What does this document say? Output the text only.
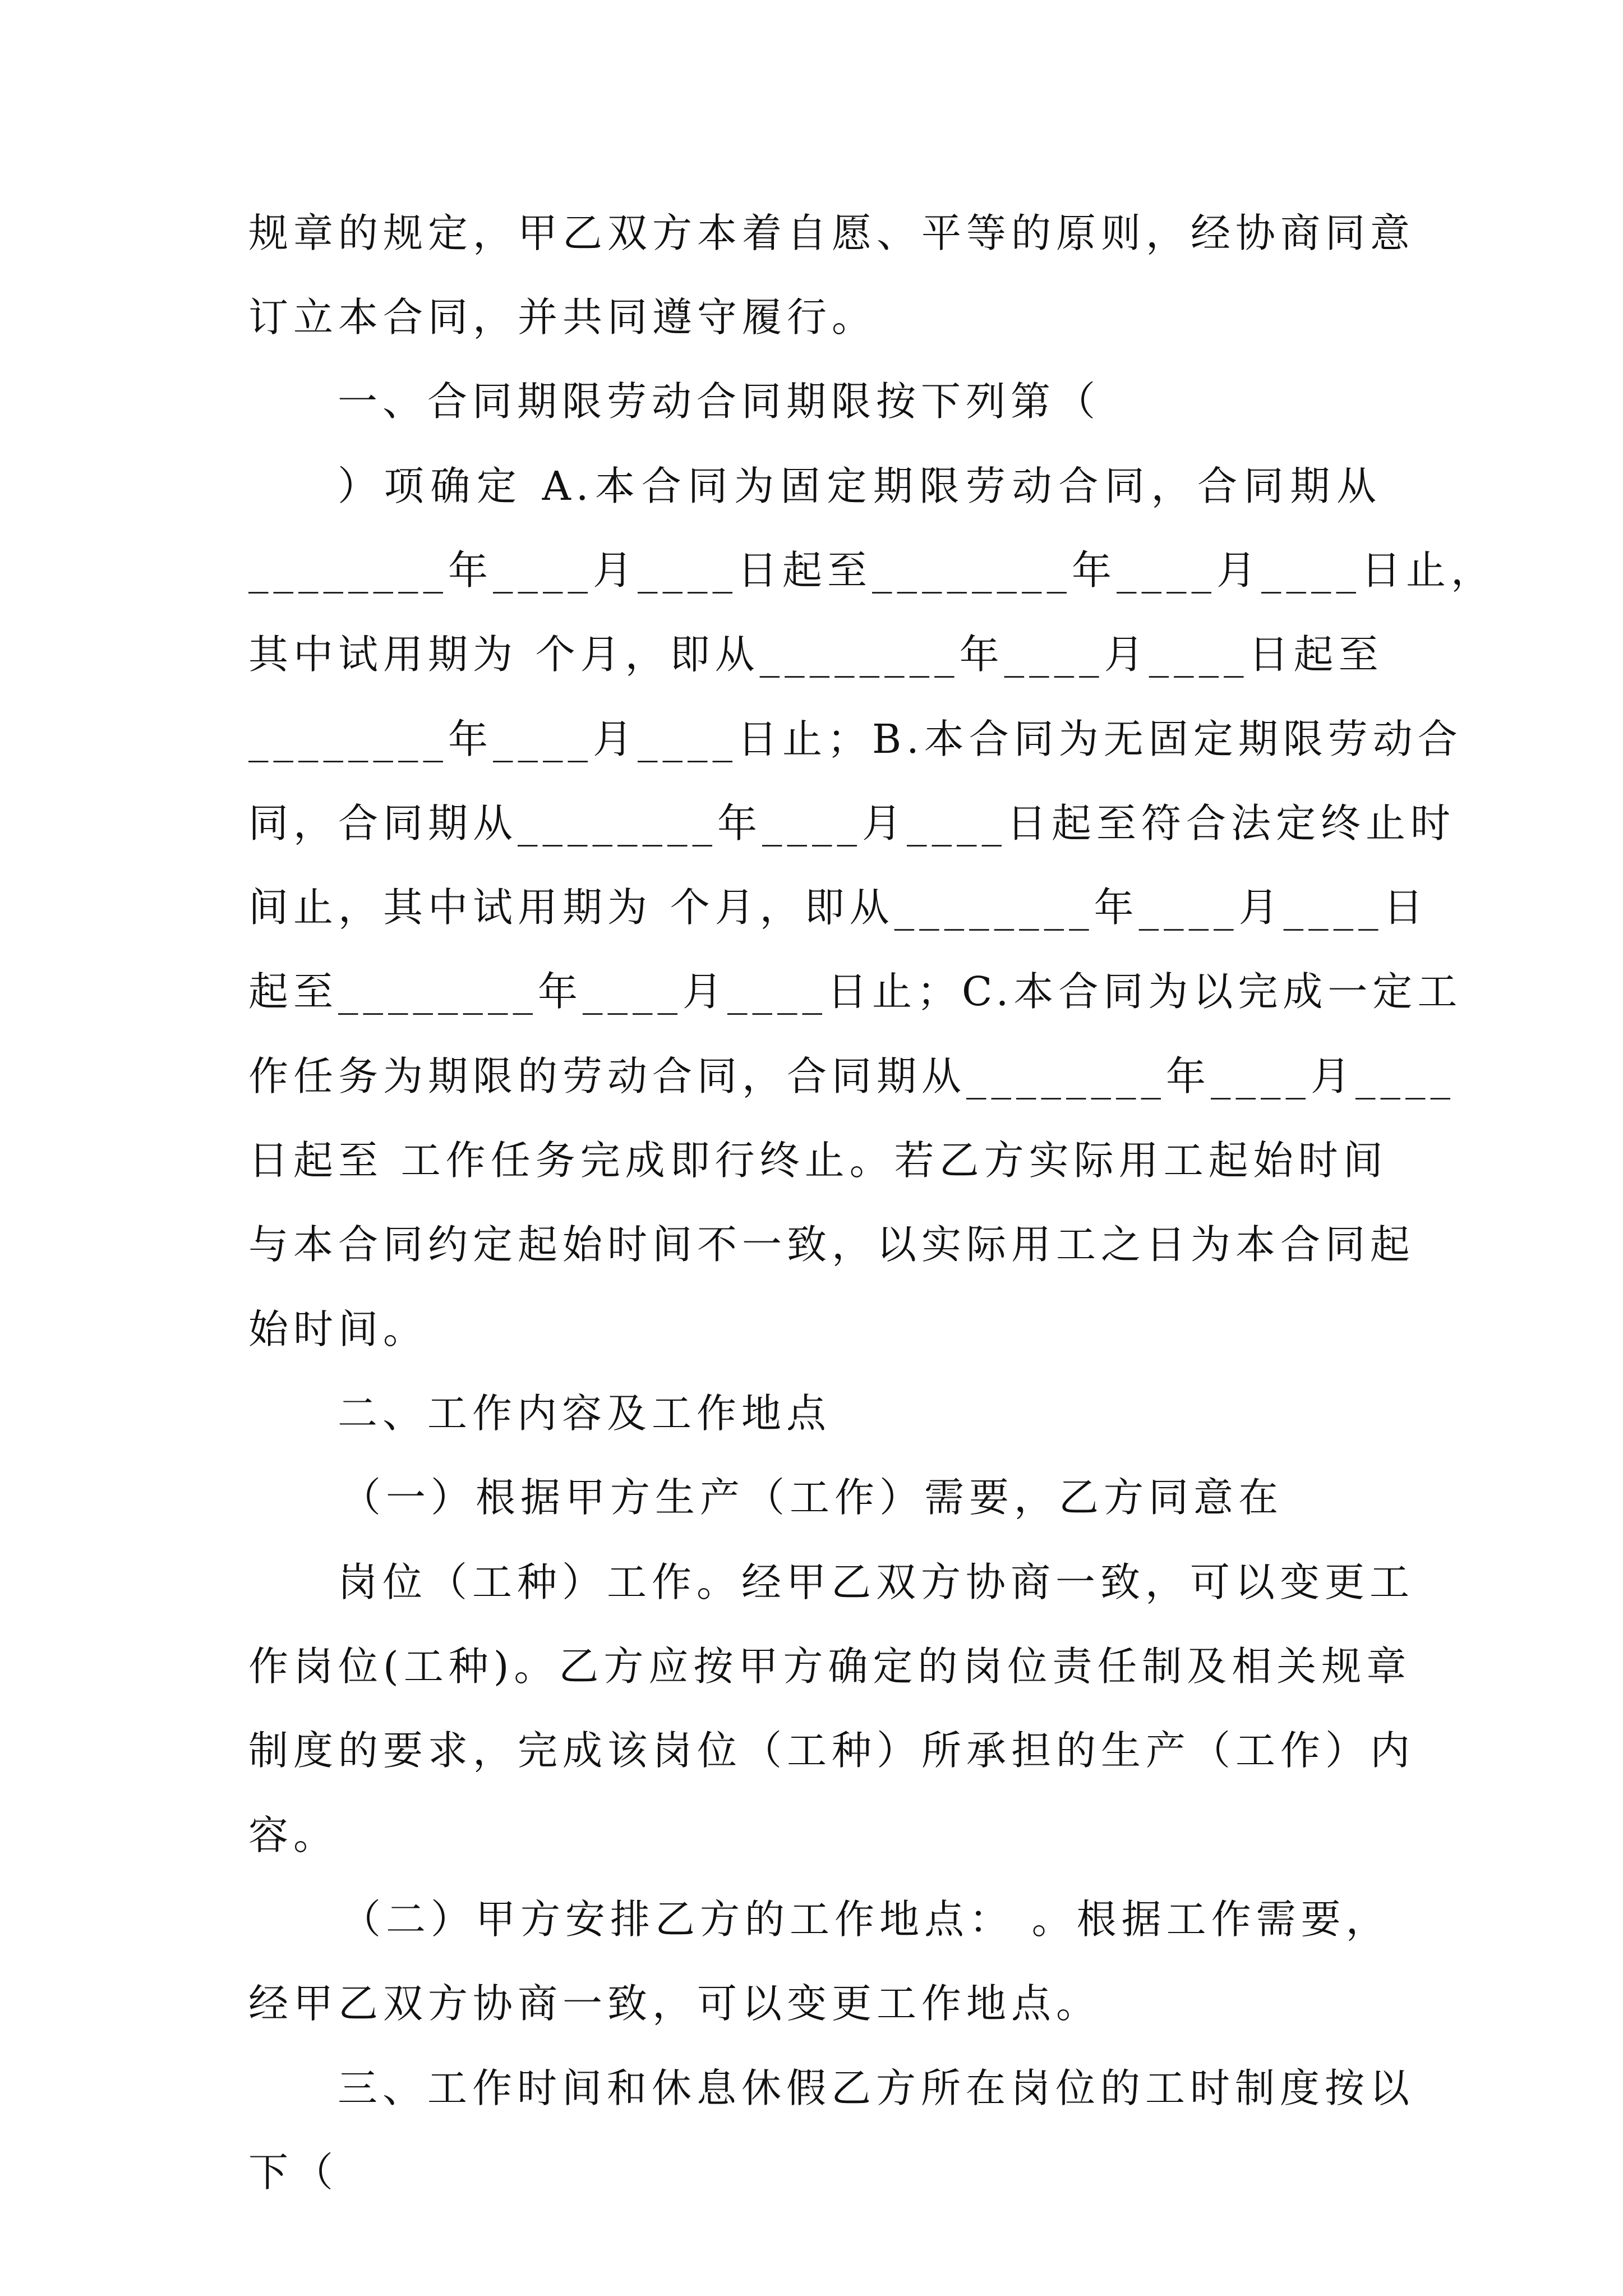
规章的规定，甲乙双方本着自愿、平等的原则，经协商同意
订立本合同，并共同遵守履行。
一、合同期限劳动合同期限按下列第（
）项确定 A.本合同为固定期限劳动合同，合同期从
________年____月____日起至________年____月____日止，
其中试用期为 个月，即从________年____月____日起至
________年____月____日止；B.本合同为无固定期限劳动合
同，合同期从________年____月____日起至符合法定终止时
间止，其中试用期为 个月，即从________年____月____日
起至________年____月____日止；C.本合同为以完成一定工
作任务为期限的劳动合同，合同期从________年____月____
日起至 工作任务完成即行终止。若乙方实际用工起始时间
与本合同约定起始时间不一致，以实际用工之日为本合同起
始时间。
二、工作内容及工作地点
（一）根据甲方生产（工作）需要，乙方同意在
岗位（工种）工作。经甲乙双方协商一致，可以变更工
作岗位(工种)。乙方应按甲方确定的岗位责任制及相关规章
制度的要求，完成该岗位（工种）所承担的生产（工作）内
容。
（二）甲方安排乙方的工作地点： 。根据工作需要，
经甲乙双方协商一致，可以变更工作地点。
三、工作时间和休息休假乙方所在岗位的工时制度按以
下（
